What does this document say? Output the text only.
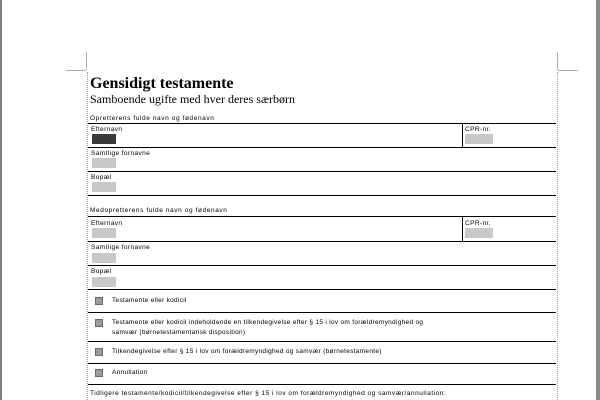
Gensidigt testamente
Samboende ugifte med hver deres særbørn
Opretterens fulde navn og fødenavn
Efternavn	CPR-nr.
Samtlige fornavne
Bopæl
Medopretterens fulde navn og fødenavn
Efternavn	CPR-nr.
Samtlige fornavne
Bopæl
Testamente eller kodicil
Testamente eller kodicil indeholdende en tilkendegivelse efter § 15 i lov om forældremyndighed og samvær (børnetestamentarisk disposition)
Tilkendegivelse efter § 15 i lov om forældremyndighed og samvær (børnetestamente)
Annullation
Tidligere testamente/kodicil/tilkendegivelse efter § 15 i lov om forældremyndighed og samvær/annullation:
